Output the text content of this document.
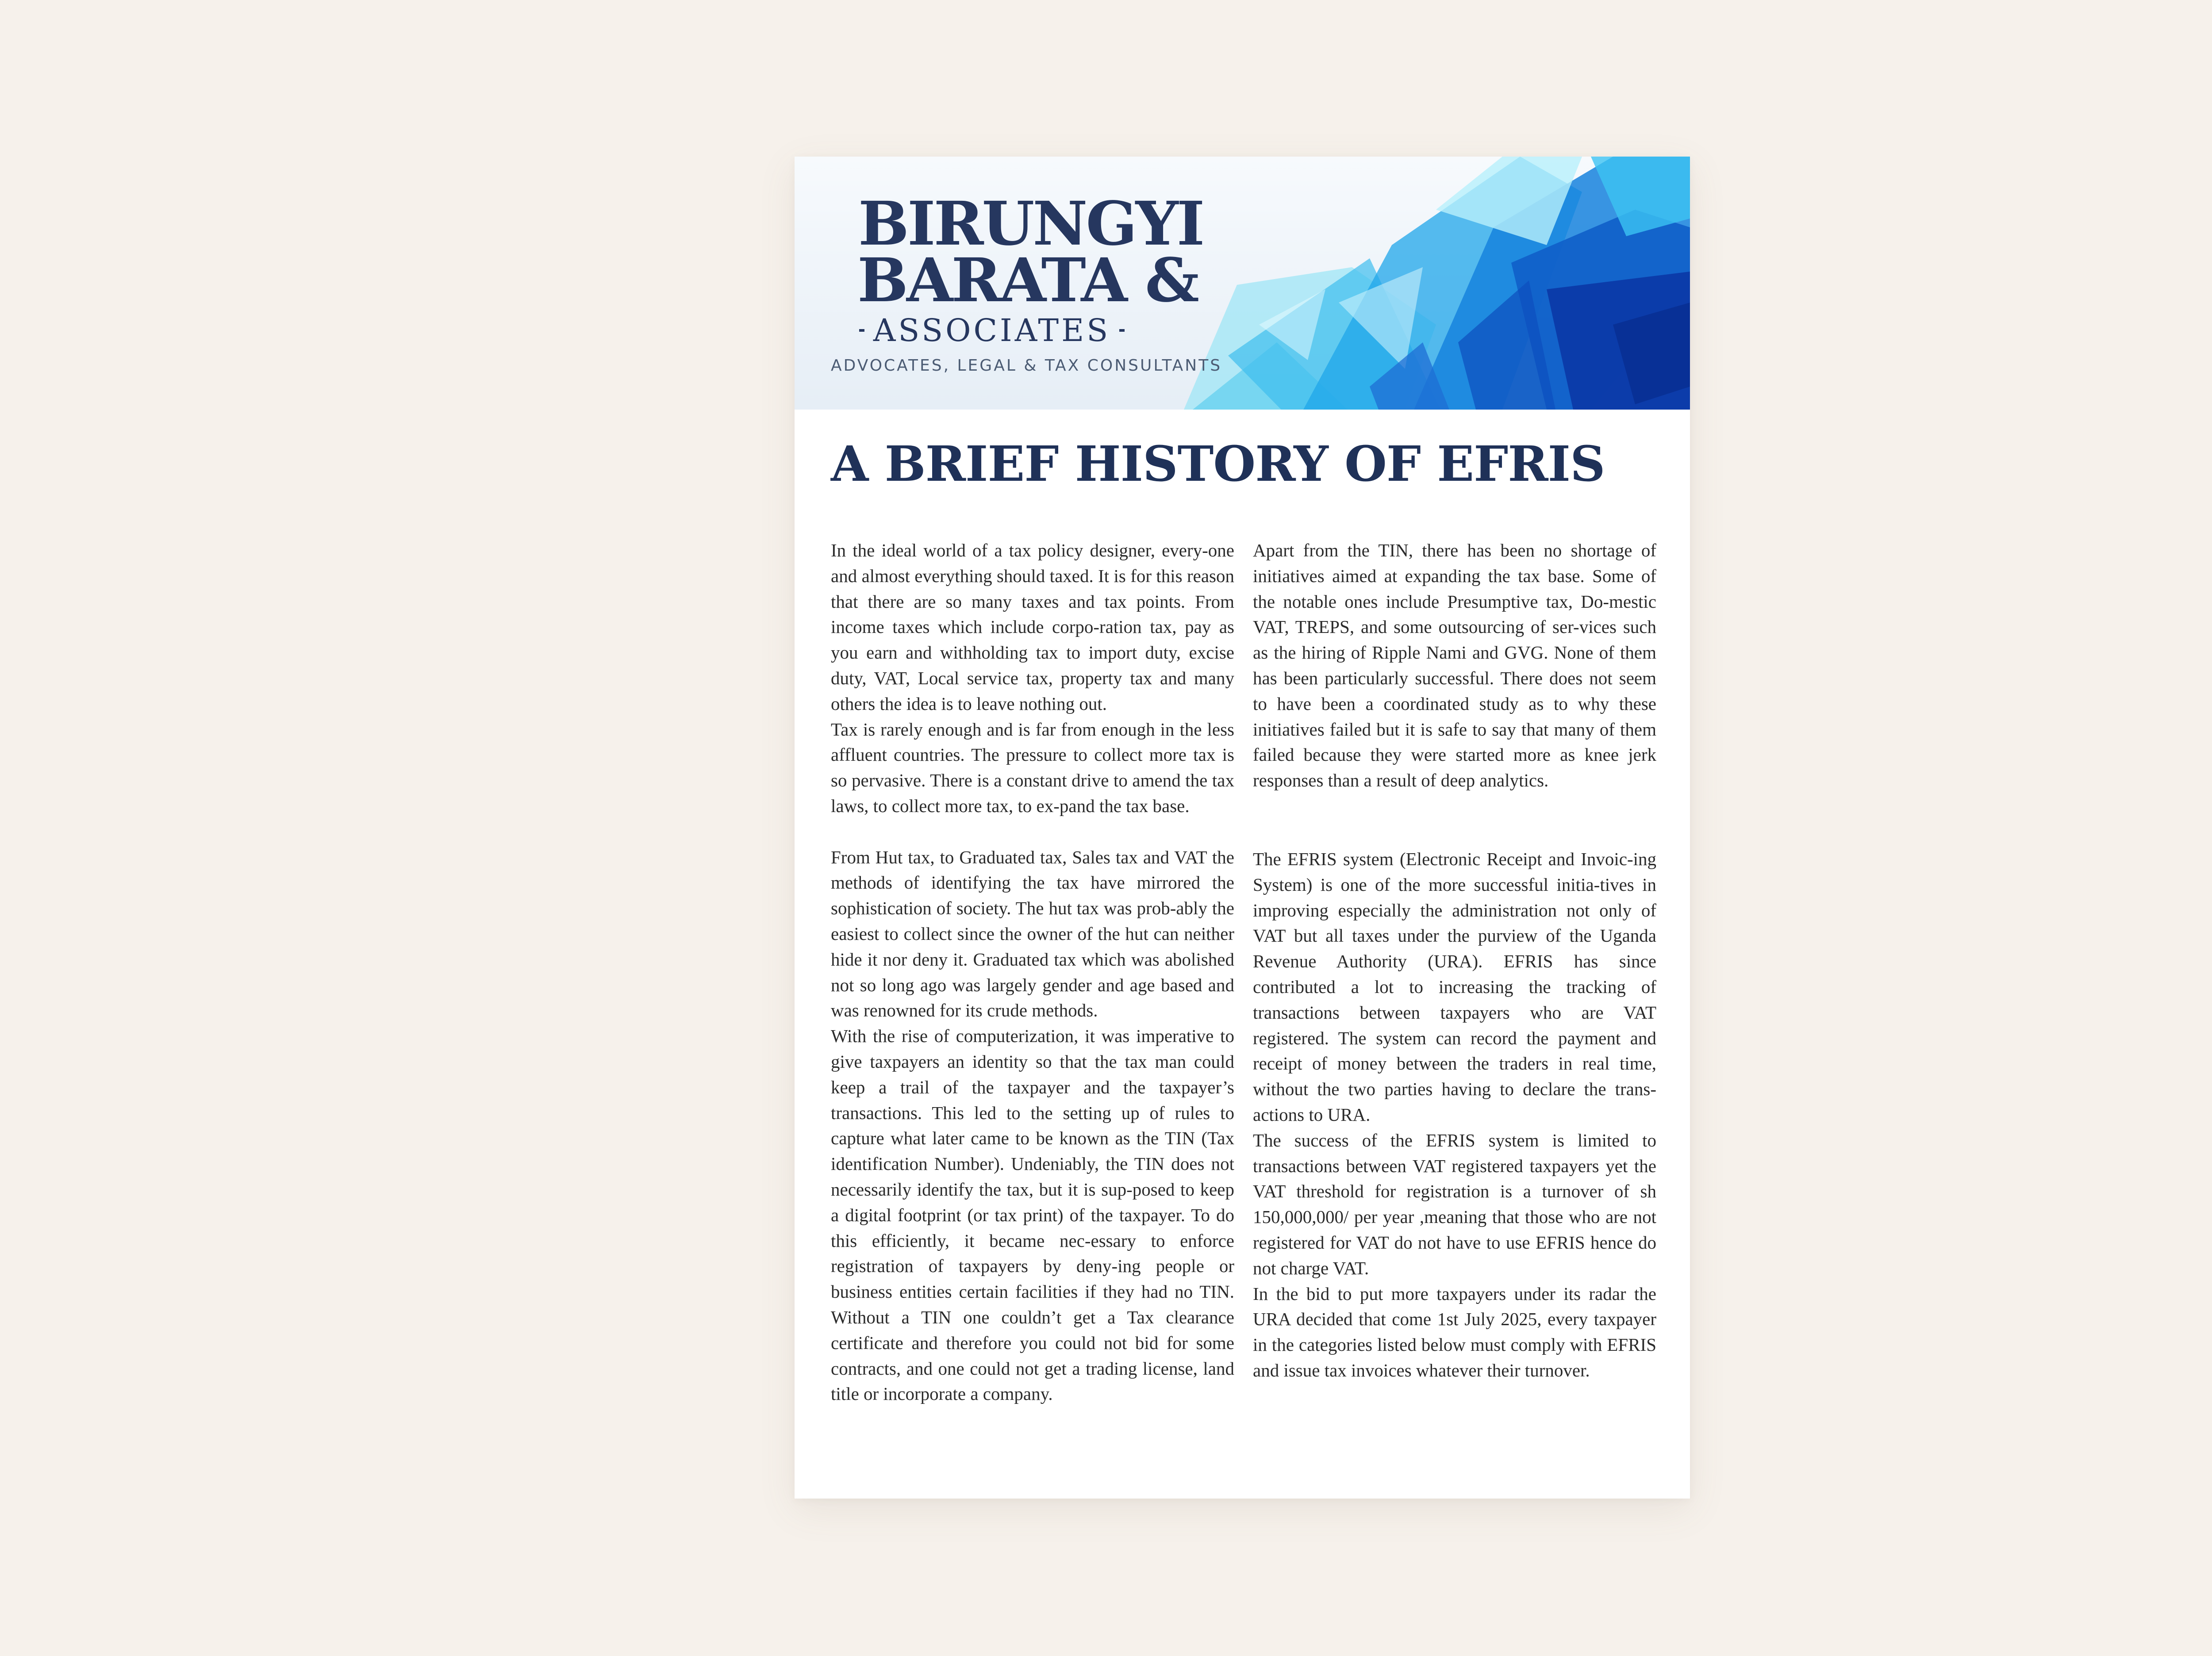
BIRUNGYI
BARATA &
ASSOCIATES
ADVOCATES, LEGAL & TAX CONSULTANTS
A BRIEF HISTORY OF EFRIS

In the ideal world of a tax policy designer, every-one and almost everything should taxed. It is for this reason that there are so many taxes and tax points. From income taxes which include corpo-ration tax, pay as you earn and withholding tax to import duty, excise duty, VAT, Local service tax, property tax and many others the idea is to leave nothing out.

Tax is rarely enough and is far from enough in the less affluent countries. The pressure to collect more tax is so pervasive. There is a constant drive to amend the tax laws, to collect more tax, to ex-pand the tax base.

From Hut tax, to Graduated tax, Sales tax and VAT the methods of identifying the tax have mirrored the sophistication of society. The hut tax was prob-ably the easiest to collect since the owner of the hut can neither hide it nor deny it. Graduated tax which was abolished not so long ago was largely gender and age based and was renowned for its crude methods.

With the rise of computerization, it was imperative to give taxpayers an identity so that the tax man could keep a trail of the taxpayer and the taxpayer’s transactions. This led to the setting up of rules to capture what later came to be known as the TIN (Tax identification Number). Undeniably, the TIN does not necessarily identify the tax, but it is sup-posed to keep a digital footprint (or tax print) of the taxpayer. To do this efficiently, it became nec-essary to enforce registration of taxpayers by deny-ing people or business entities certain facilities if they had no TIN. Without a TIN one couldn’t get a Tax clearance certificate and therefore you could not bid for some contracts, and one could not get a trading license, land title or incorporate a company.

Apart from the TIN, there has been no shortage of initiatives aimed at expanding the tax base. Some of the notable ones include Presumptive tax, Do-mestic VAT, TREPS, and some outsourcing of ser-vices such as the hiring of Ripple Nami and GVG. None of them has been particularly successful. There does not seem to have been a coordinated study as to why these initiatives failed but it is safe to say that many of them failed because they were started more as knee jerk responses than a result of deep analytics.

The EFRIS system (Electronic Receipt and Invoic-ing System) is one of the more successful initia-tives in improving especially the administration not only of VAT but all taxes under the purview of the Uganda Revenue Authority (URA). EFRIS has since contributed a lot to increasing the tracking of transactions between taxpayers who are VAT registered. The system can record the payment and receipt of money between the traders in real time, without the two parties having to declare the trans-actions to URA.

The success of the EFRIS system is limited to transactions between VAT registered taxpayers yet the VAT threshold for registration is a turnover of sh 150,000,000/ per year ,meaning that those who are not registered for VAT do not have to use EFRIS hence do not charge VAT.

In the bid to put more taxpayers under its radar the URA decided that come 1st July 2025, every taxpayer in the categories listed below must comply with EFRIS and issue tax invoices whatever their turnover.
